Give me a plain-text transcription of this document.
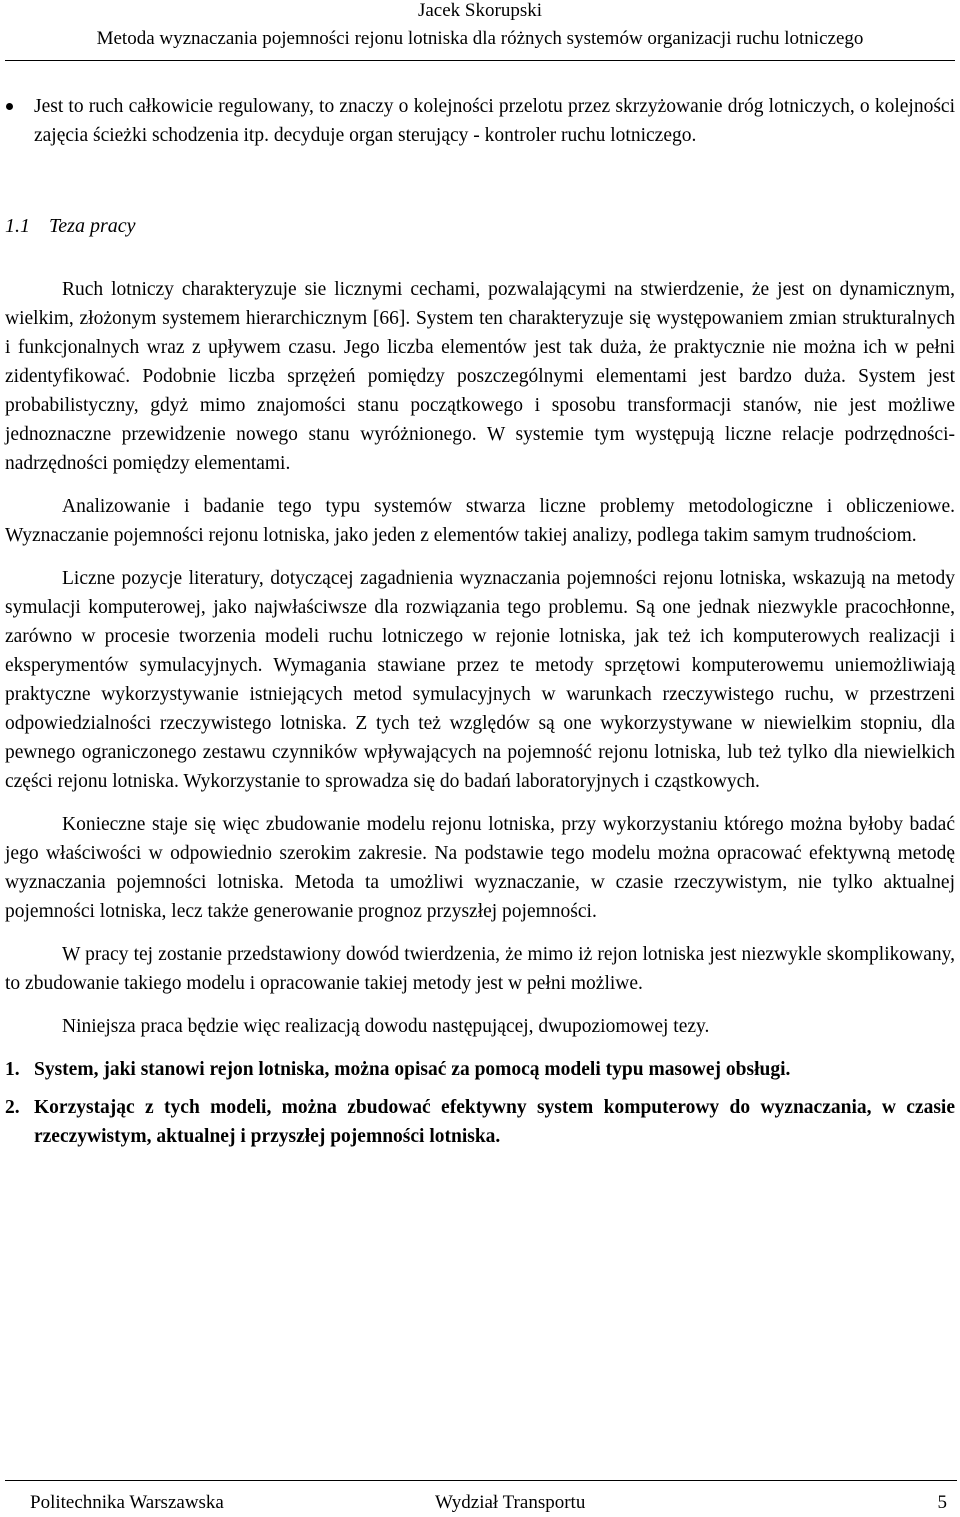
Jacek Skorupski
Metoda wyznaczania pojemności rejonu lotniska dla różnych systemów organizacji ruchu lotniczego
Jest to ruch całkowicie regulowany, to znaczy o kolejności przelotu przez skrzyżowanie dróg lotniczych, o kolejności zajęcia ścieżki schodzenia itp. decyduje organ sterujący - kontroler ruchu lotniczego.
1.1 Teza pracy

Ruch lotniczy charakteryzuje sie licznymi cechami, pozwalającymi na stwierdzenie, że jest on dynamicznym, wielkim, złożonym systemem hierarchicznym [66]. System ten charakteryzuje się występowaniem zmian strukturalnych i funkcjonalnych wraz z upływem czasu. Jego liczba elementów jest tak duża, że praktycznie nie można ich w pełni zidentyfikować. Podobnie liczba sprzężeń pomiędzy poszczególnymi elementami jest bardzo duża. System jest probabilistyczny, gdyż mimo znajomości stanu początkowego i sposobu transformacji stanów, nie jest możliwe jednoznaczne przewidzenie nowego stanu wyróżnionego. W systemie tym występują liczne relacje podrzędności-nadrzędności pomiędzy elementami.

Analizowanie i badanie tego typu systemów stwarza liczne problemy metodologiczne i obliczeniowe. Wyznaczanie pojemności rejonu lotniska, jako jeden z elementów takiej analizy, podlega takim samym trudnościom.

Liczne pozycje literatury, dotyczącej zagadnienia wyznaczania pojemności rejonu lotniska, wskazują na metody symulacji komputerowej, jako najwłaściwsze dla rozwiązania tego problemu. Są one jednak niezwykle pracochłonne, zarówno w procesie tworzenia modeli ruchu lotniczego w rejonie lotniska, jak też ich komputerowych realizacji i eksperymentów symulacyjnych. Wymagania stawiane przez te metody sprzętowi komputerowemu uniemożliwiają praktyczne wykorzystywanie istniejących metod symulacyjnych w warunkach rzeczywistego ruchu, w przestrzeni odpowiedzialności rzeczywistego lotniska. Z tych też względów są one wykorzystywane w niewielkim stopniu, dla pewnego ograniczonego zestawu czynników wpływających na pojemność rejonu lotniska, lub też tylko dla niewielkich części rejonu lotniska. Wykorzystanie to sprowadza się do badań laboratoryjnych i cząstkowych.

Konieczne staje się więc zbudowanie modelu rejonu lotniska, przy wykorzystaniu którego można byłoby badać jego właściwości w odpowiednio szerokim zakresie. Na podstawie tego modelu można opracować efektywną metodę wyznaczania pojemności lotniska. Metoda ta umożliwi wyznaczanie, w czasie rzeczywistym, nie tylko aktualnej pojemności lotniska, lecz także generowanie prognoz przyszłej pojemności.

W pracy tej zostanie przedstawiony dowód twierdzenia, że mimo iż rejon lotniska jest niezwykle skomplikowany, to zbudowanie takiego modelu i opracowanie takiej metody jest w pełni możliwe.

Niniejsza praca będzie więc realizacją dowodu następującej, dwupoziomowej tezy.

1. System, jaki stanowi rejon lotniska, można opisać za pomocą modeli typu masowej obsługi.
2. Korzystając z tych modeli, można zbudować efektywny system komputerowy do wyznaczania, w czasie rzeczywistym, aktualnej i przyszłej pojemności lotniska.
Politechnika Warszawska	Wydział Transportu	5
